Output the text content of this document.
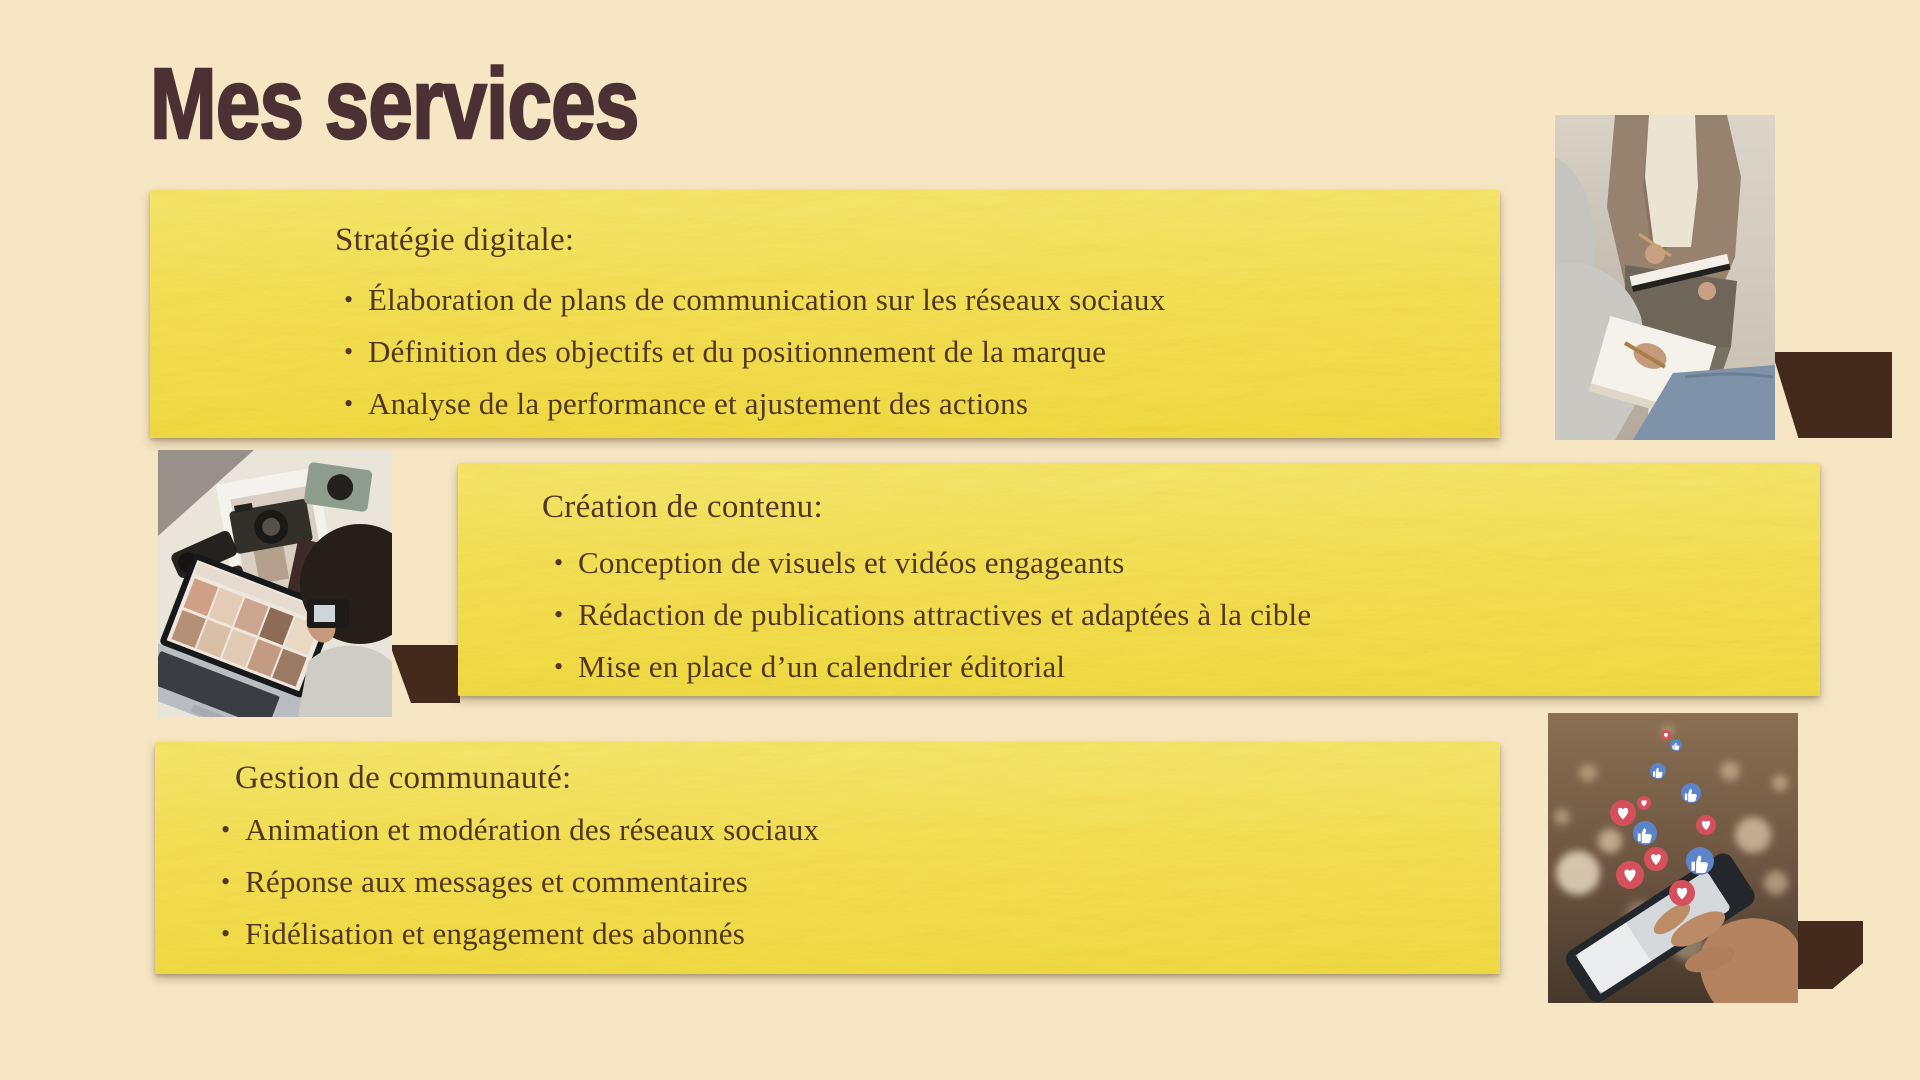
Mes services
Stratégie digitale:
• Élaboration de plans de communication sur les réseaux sociaux
• Définition des objectifs et du positionnement de la marque
• Analyse de la performance et ajustement des actions
Création de contenu:
• Conception de visuels et vidéos engageants
• Rédaction de publications attractives et adaptées à la cible
• Mise en place d’un calendrier éditorial
Gestion de communauté:
• Animation et modération des réseaux sociaux
• Réponse aux messages et commentaires
• Fidélisation et engagement des abonnés
